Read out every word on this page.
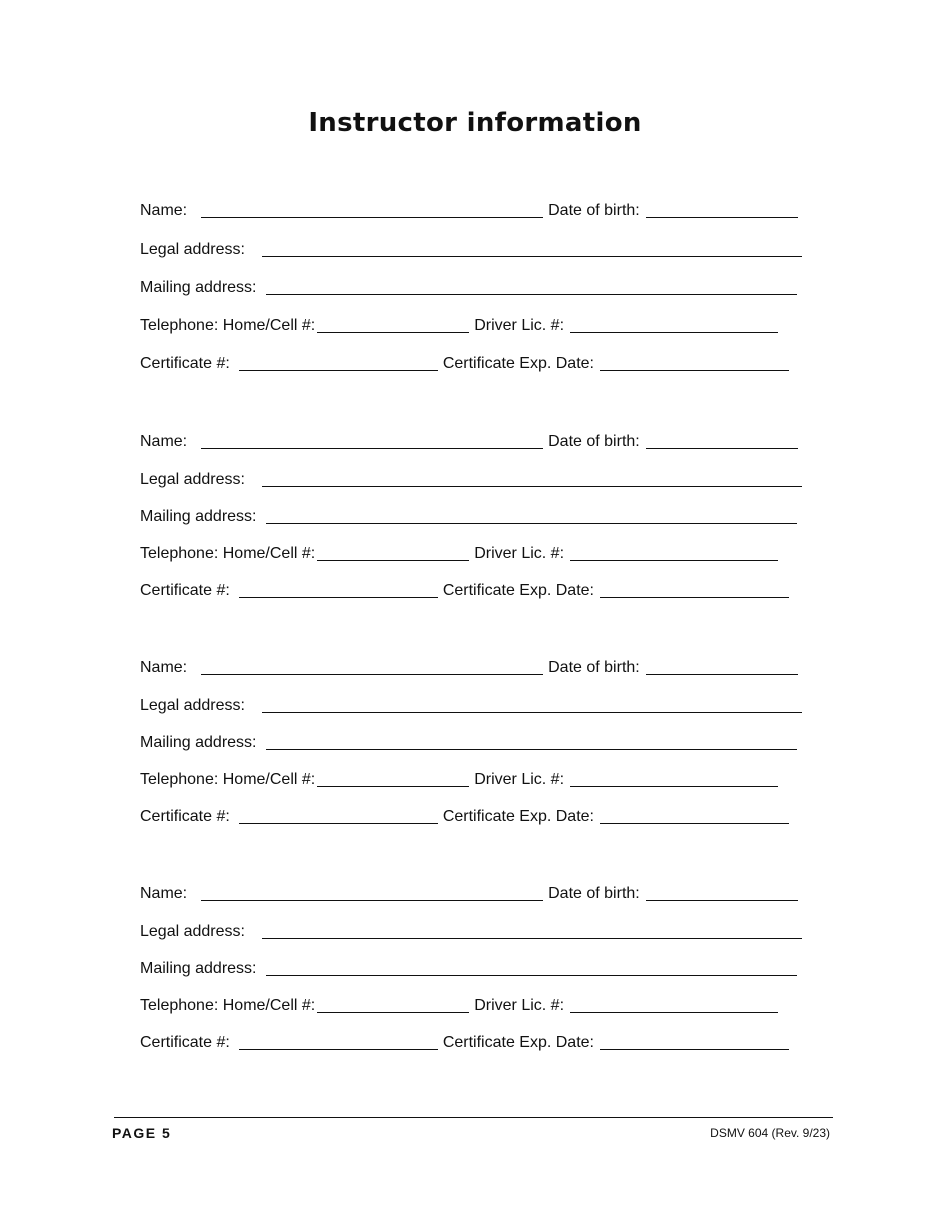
Instructor information
Name:	Date of birth:
Legal address:
Mailing address:
Telephone: Home/Cell #:	Driver Lic. #:
Certificate #:	Certificate Exp. Date:
Name:	Date of birth:
Legal address:
Mailing address:
Telephone: Home/Cell #:	Driver Lic. #:
Certificate #:	Certificate Exp. Date:
Name:	Date of birth:
Legal address:
Mailing address:
Telephone: Home/Cell #:	Driver Lic. #:
Certificate #:	Certificate Exp. Date:
Name:	Date of birth:
Legal address:
Mailing address:
Telephone: Home/Cell #:	Driver Lic. #:
Certificate #:	Certificate Exp. Date:
PAGE 5	DSMV 604 (Rev. 9/23)
